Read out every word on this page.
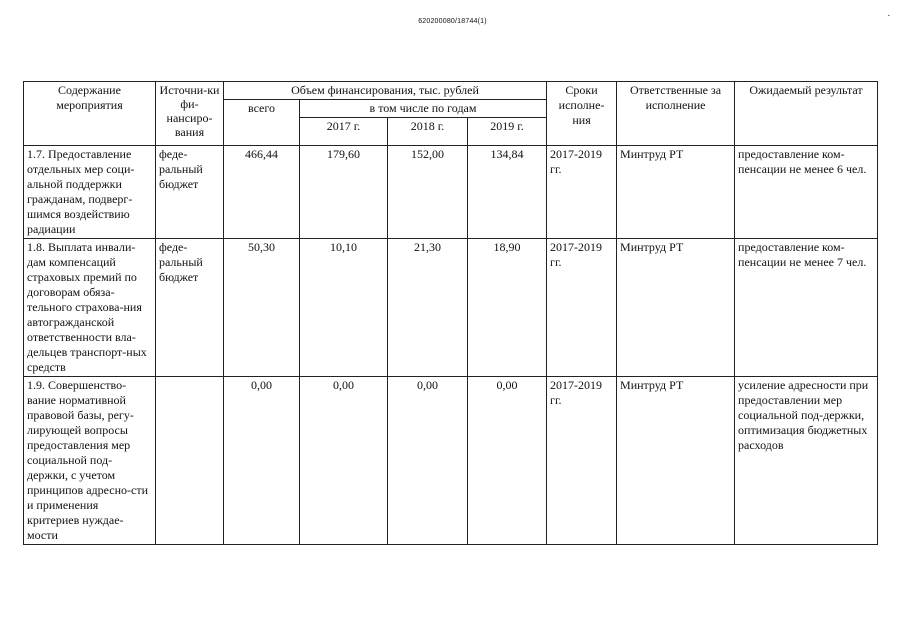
620200080/18744(1)
.
Содержание мероприятия	Источни-ки фи-нансиро-вания	Объем финансирования, тыс. рублей				Сроки исполне-ния	Ответственные за исполнение	Ожидаемый результат
		всего	в том числе по годам					
			2017 г.	2018 г.	2019 г.			
1.7. Предоставление отдельных мер соци-альной поддержки гражданам, подверг-шимся воздействию радиации	феде-ральный бюджет	466,44	179,60	152,00	134,84	2017-2019 гг.	Минтруд РТ	предоставление ком-пенсации не менее 6 чел.
1.8. Выплата инвали-дам компенсаций страховых премий по договорам обяза-тельного страхова-ния автогражданской ответственности вла-дельцев транспорт-ных средств	феде-ральный бюджет	50,30	10,10	21,30	18,90	2017-2019 гг.	Минтруд РТ	предоставление ком-пенсации не менее 7 чел.
1.9. Совершенство-вание нормативной правовой базы, регу-лирующей вопросы предоставления мер социальной под-держки, с учетом принципов адресно-сти и применения критериев нуждае-мости		0,00	0,00	0,00	0,00	2017-2019 гг.	Минтруд РТ	усиление адресности при предоставлении мер социальной под-держки, оптимизация бюджетных расходов
